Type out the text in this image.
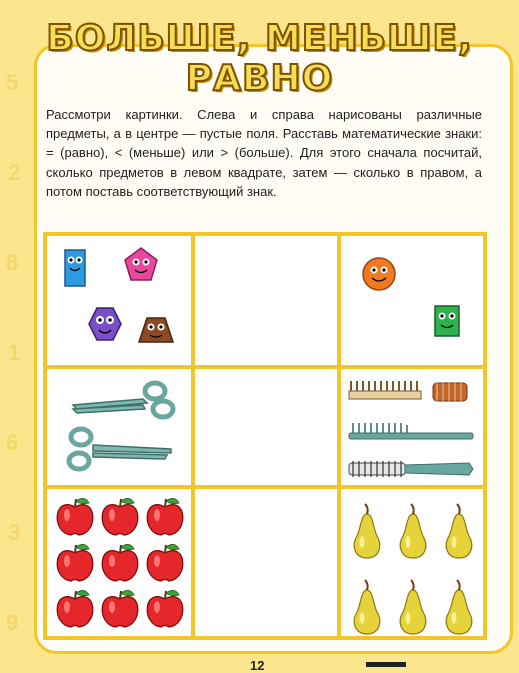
5
2
8
1
6
3
9
БОЛЬШЕ, МЕНЬШЕ,
РАВНО
Рассмотри картинки. Слева и справа нарисованы различные предметы, а в центре — пустые поля. Расставь математические знаки: = (равно), < (меньше) или > (больше). Для этого сначала посчитай, сколько предметов в левом квадрате, затем — сколько в правом, а потом поставь соответствующий знак.
12
